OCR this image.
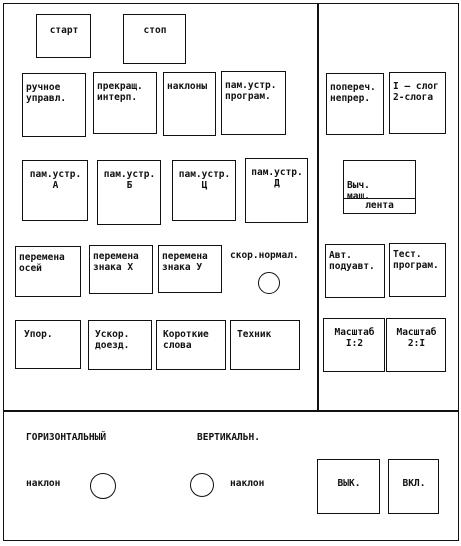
старт	стоп
ручное
управл.
прекращ.
интерп.
наклоны	пам.устр.
програм.
попереч.
непрер.
I – слог
2-слога
пам.устр.
А
пам.устр.
Б
пам.устр.
Ц
пам.устр.
Д	Выч.
маш.

лента

перемена
осей
перемена
знака Х
перемена
знака У
скор.нормал.	Авт.
подуавт.
Тест.
програм.
Упор.	Ускор.
доезд.
Короткие
слова
Техник	Масштаб
I:2
Масштаб
2:I
ГОРИЗОНТАЛЬНЫЙ	ВЕРТИКАЛЬН.
наклон	наклон	ВЫК.	ВКЛ.
